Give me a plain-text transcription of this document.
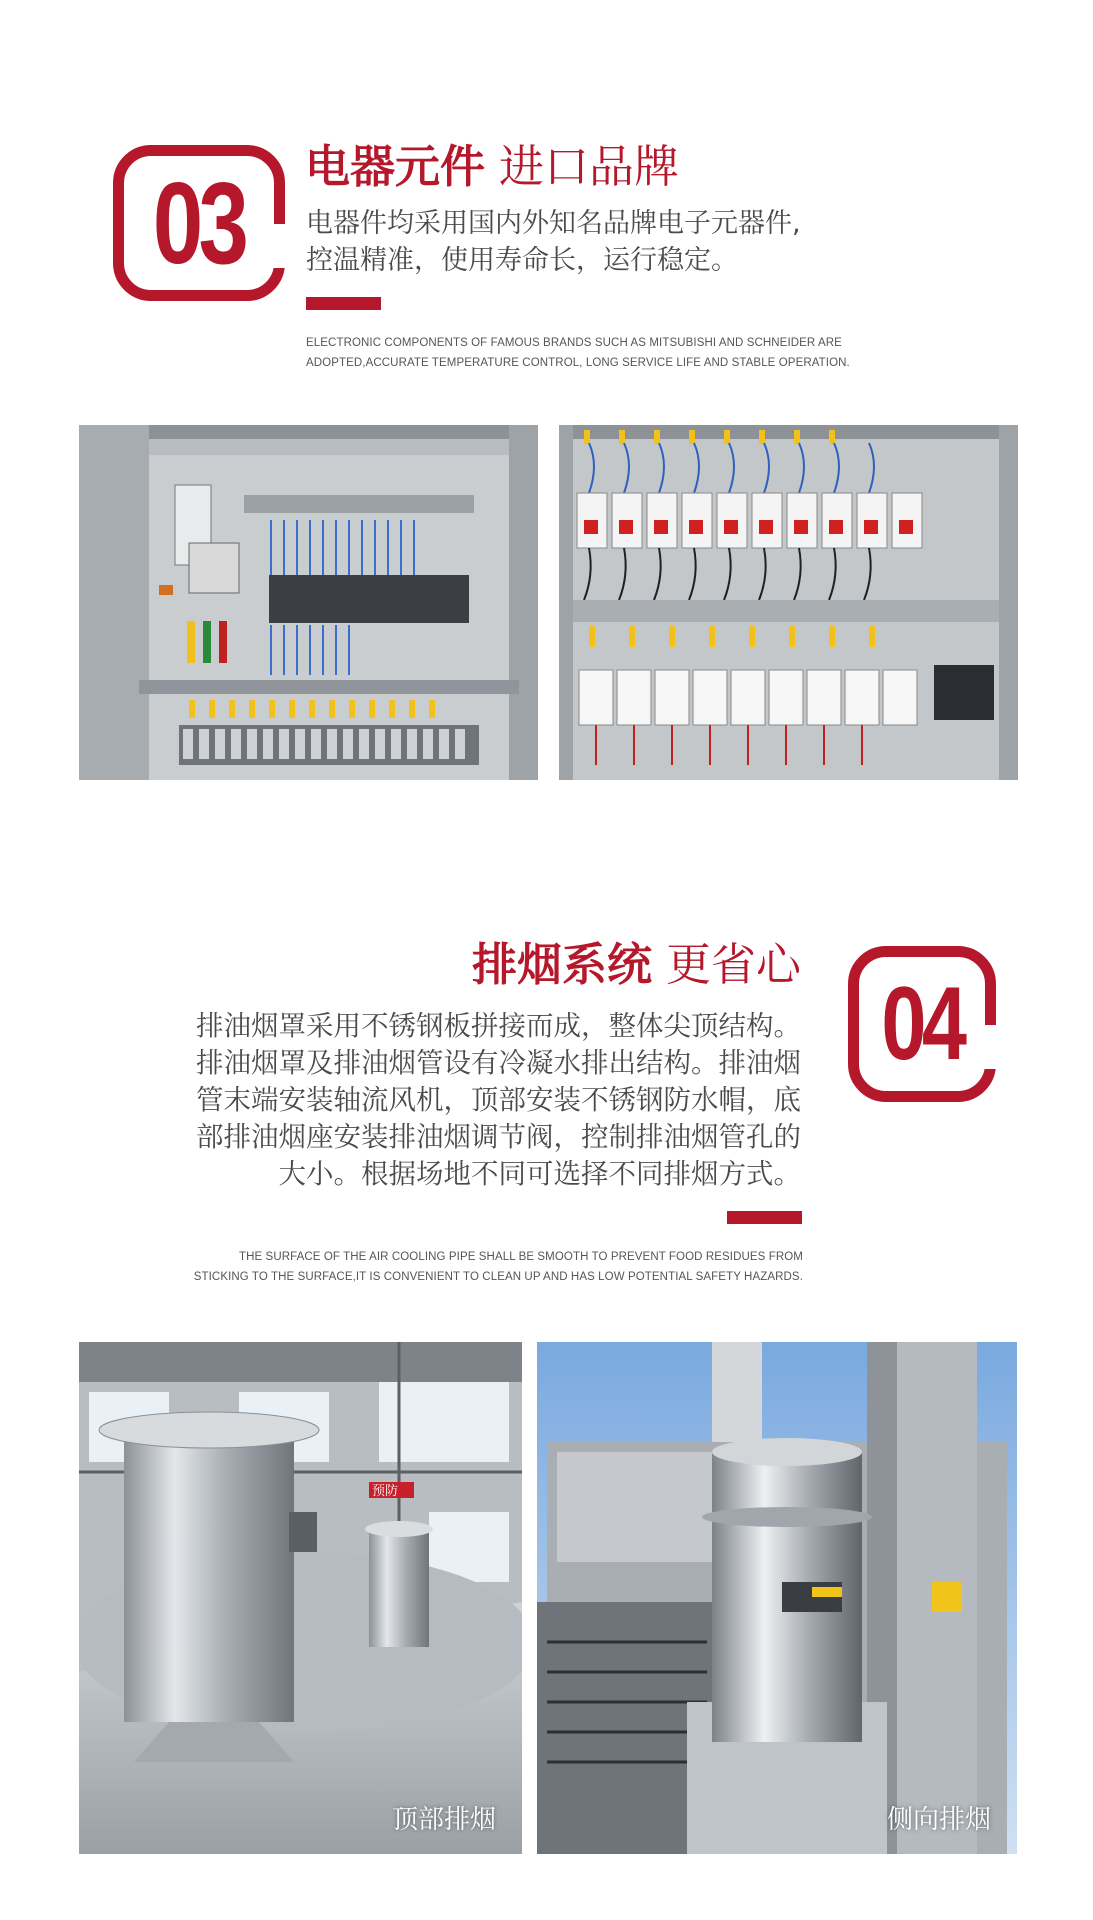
03 电器元件 进口品牌
电器件均采用国内外知名品牌电子元器件,
控温精准，使用寿命长，运行稳定。
ELECTRONIC COMPONENTS OF FAMOUS BRANDS SUCH AS MITSUBISHI AND SCHNEIDER ARE
ADOPTED,ACCURATE TEMPERATURE CONTROL, LONG SERVICE LIFE AND STABLE OPERATION.
排烟系统 更省心
04
排油烟罩采用不锈钢板拼接而成，整体尖顶结构。
排油烟罩及排油烟管设有冷凝水排出结构。排油烟
管末端安装轴流风机，顶部安装不锈钢防水帽，底
部排油烟座安装排油烟调节阀，控制排油烟管孔的
大小。根据场地不同可选择不同排烟方式。
THE SURFACE OF THE AIR COOLING PIPE SHALL BE SMOOTH TO PREVENT FOOD RESIDUES FROM
STICKING TO THE SURFACE,IT IS CONVENIENT TO CLEAN UP AND HAS LOW POTENTIAL SAFETY HAZARDS.
预防
顶部排烟	侧向排烟
